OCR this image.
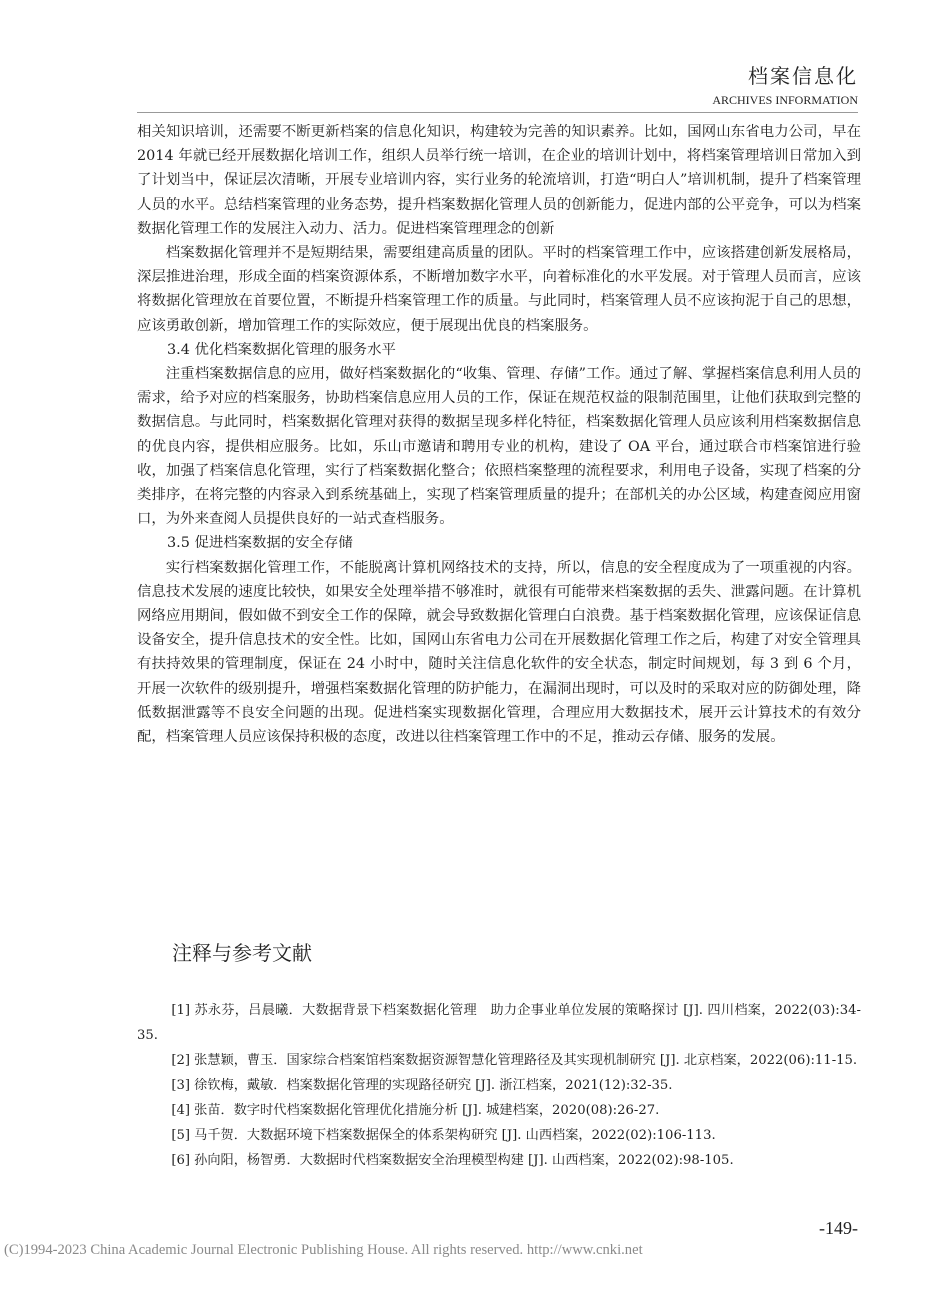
档案信息化
ARCHIVES INFORMATION

相关知识培训，还需要不断更新档案的信息化知识，构建较为完善的知识素养。比如，国网山东省电力公司，早在 2014 年就已经开展数据化培训工作，组织人员举行统一培训，在企业的培训计划中，将档案管理培训日常加入到了计划当中，保证层次清晰，开展专业培训内容，实行业务的轮流培训，打造“明白人”培训机制，提升了档案管理人员的水平。总结档案管理的业务态势，提升档案数据化管理人员的创新能力，促进内部的公平竞争，可以为档案数据化管理工作的发展注入动力、活力。促进档案管理理念的创新

档案数据化管理并不是短期结果，需要组建高质量的团队。平时的档案管理工作中，应该搭建创新发展格局，深层推进治理，形成全面的档案资源体系，不断增加数字水平，向着标准化的水平发展。对于管理人员而言，应该将数据化管理放在首要位置，不断提升档案管理工作的质量。与此同时，档案管理人员不应该拘泥于自己的思想，应该勇敢创新，增加管理工作的实际效应，便于展现出优良的档案服务。

3.4 优化档案数据化管理的服务水平

注重档案数据信息的应用，做好档案数据化的“收集、管理、存储”工作。通过了解、掌握档案信息利用人员的需求，给予对应的档案服务，协助档案信息应用人员的工作，保证在规范权益的限制范围里，让他们获取到完整的数据信息。与此同时，档案数据化管理对获得的数据呈现多样化特征，档案数据化管理人员应该利用档案数据信息的优良内容，提供相应服务。比如，乐山市邀请和聘用专业的机构，建设了 OA 平台，通过联合市档案馆进行验收，加强了档案信息化管理，实行了档案数据化整合；依照档案整理的流程要求，利用电子设备，实现了档案的分类排序，在将完整的内容录入到系统基础上，实现了档案管理质量的提升；在部机关的办公区域，构建查阅应用窗口，为外来查阅人员提供良好的一站式查档服务。

3.5 促进档案数据的安全存储

实行档案数据化管理工作，不能脱离计算机网络技术的支持，所以，信息的安全程度成为了一项重视的内容。信息技术发展的速度比较快，如果安全处理举措不够准时，就很有可能带来档案数据的丢失、泄露问题。在计算机网络应用期间，假如做不到安全工作的保障，就会导致数据化管理白白浪费。基于档案数据化管理，应该保证信息设备安全，提升信息技术的安全性。比如，国网山东省电力公司在开展数据化管理工作之后，构建了对安全管理具有扶持效果的管理制度，保证在 24 小时中，随时关注信息化软件的安全状态，制定时间规划，每 3 到 6 个月，开展一次软件的级别提升，增强档案数据化管理的防护能力，在漏洞出现时，可以及时的采取对应的防御处理，降低数据泄露等不良安全问题的出现。促进档案实现数据化管理，合理应用大数据技术，展开云计算技术的有效分配，档案管理人员应该保持积极的态度，改进以往档案管理工作中的不足，推动云存储、服务的发展。

注释与参考文献

[1] 苏永芬，吕晨曦．大数据背景下档案数据化管理　助力企事业单位发展的策略探讨 [J]. 四川档案，2022(03):34-35.

[2] 张慧颖，曹玉．国家综合档案馆档案数据资源智慧化管理路径及其实现机制研究 [J]. 北京档案，2022(06):11-15.

[3] 徐钦梅，戴敏．档案数据化管理的实现路径研究 [J]. 浙江档案，2021(12):32-35.

[4] 张苗．数字时代档案数据化管理优化措施分析 [J]. 城建档案，2020(08):26-27.

[5] 马千贺．大数据环境下档案数据保全的体系架构研究 [J]. 山西档案，2022(02):106-113.

[6] 孙向阳，杨智勇．大数据时代档案数据安全治理模型构建 [J]. 山西档案，2022(02):98-105.

-149-
(C)1994-2023 China Academic Journal Electronic Publishing House. All rights reserved. http://www.cnki.net
